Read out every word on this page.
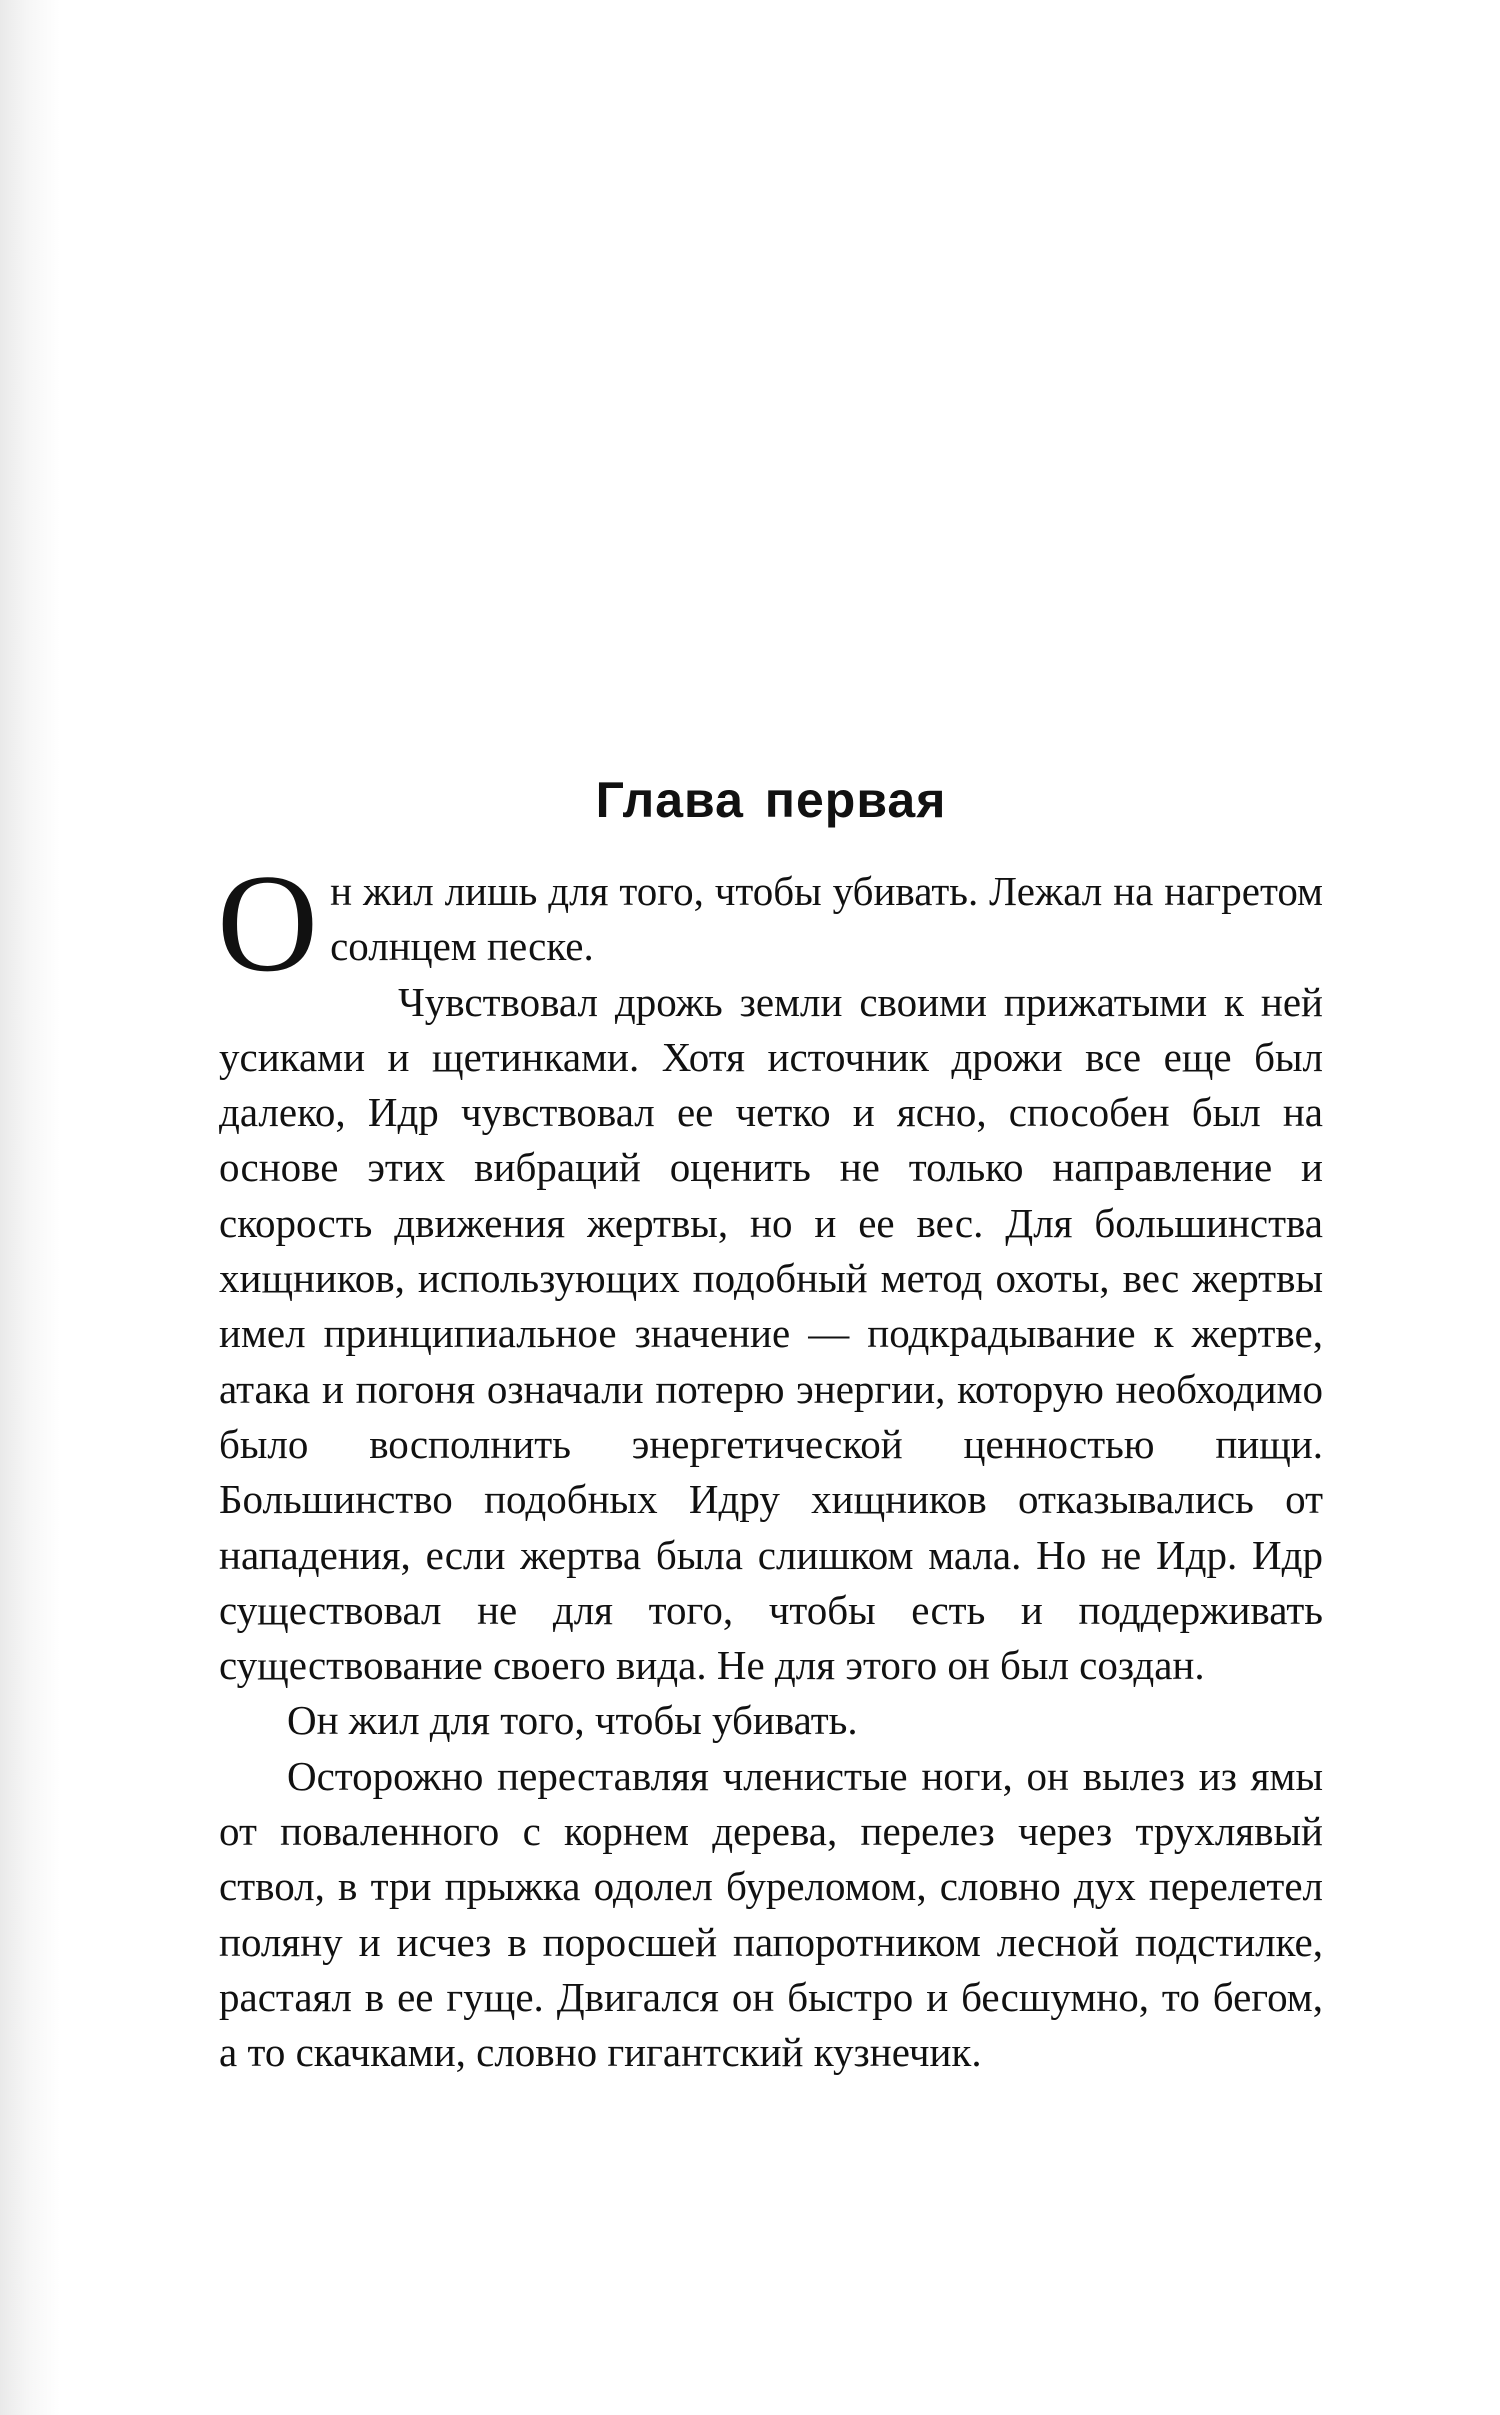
Глава первая

Он жил лишь для того, чтобы убивать. Лежал на нагретом солнцем песке.

Чувствовал дрожь земли своими прижатыми к ней усиками и щетинками. Хотя источник дрожи все еще был далеко, Идр чувствовал ее четко и ясно, способен был на основе этих вибраций оценить не только направление и скорость движения жертвы, но и ее вес. Для большинства хищников, использующих подобный метод охоты, вес жертвы имел принципиальное значение — подкрадывание к жертве, атака и погоня означали потерю энергии, которую необходимо было восполнить энергетической ценностью пищи. Большинство подобных Идру хищников отказывались от нападения, если жертва была слишком мала. Но не Идр. Идр существовал не для того, чтобы есть и поддерживать существование своего вида. Не для этого он был создан.

Он жил для того, чтобы убивать.

Осторожно переставляя членистые ноги, он вылез из ямы от поваленного с корнем дерева, перелез через трухлявый ствол, в три прыжка одолел буреломом, словно дух перелетел поляну и исчез в поросшей папоротником лесной подстилке, растаял в ее гуще. Двигался он быстро и бесшумно, то бегом, а то скачками, словно гигантский кузнечик.
